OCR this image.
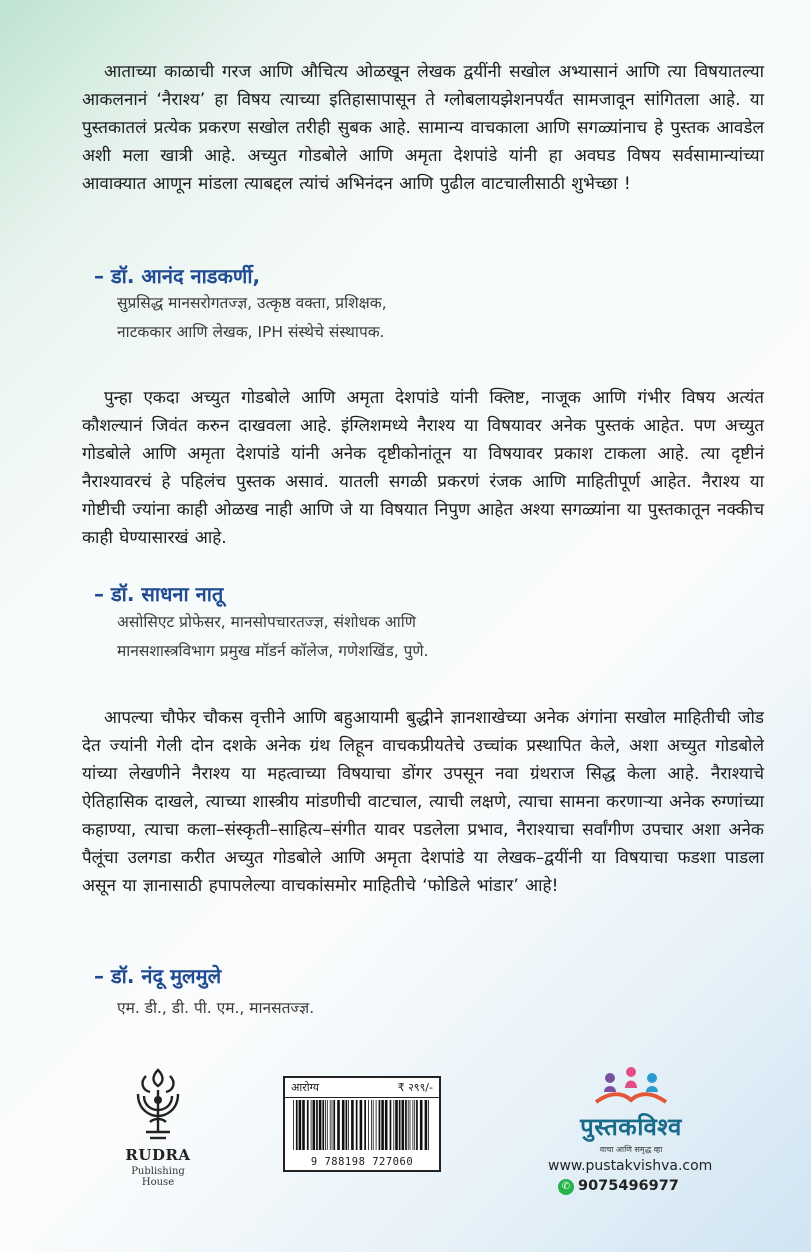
आताच्या काळाची गरज आणि औचित्य ओळखून लेखक द्वयींनी सखोल अभ्यासानं आणि त्या विषयातल्या आकलनानं ‘नैराश्य’ हा विषय त्याच्या इतिहासापासून ते ग्लोबलायझेशनपर्यंत सामजावून सांगितला आहे. या पुस्तकातलं प्रत्येक प्रकरण सखोल तरीही सुबक आहे. सामान्य वाचकाला आणि सगळ्यांनाच हे पुस्तक आवडेल अशी मला खात्री आहे. अच्युत गोडबोले आणि अमृता देशपांडे यांनी हा अवघड विषय सर्वसामान्यांच्या आवाक्यात आणून मांडला त्याबद्दल त्यांचं अभिनंदन आणि पुढील वाटचालीसाठी शुभेच्छा !

– डॉ. आनंद नाडकर्णी,

सुप्रसिद्ध मानसरोगतज्ज्ञ, उत्कृष्ठ वक्ता, प्रशिक्षक,
नाटककार आणि लेखक, IPH संस्थेचे संस्थापक.

पुन्हा एकदा अच्युत गोडबोले आणि अमृता देशपांडे यांनी क्लिष्ट, नाजूक आणि गंभीर विषय अत्यंत कौशल्यानं जिवंत करुन दाखवला आहे. इंग्लिशमध्ये नैराश्य या विषयावर अनेक पुस्तकं आहेत. पण अच्युत गोडबोले आणि अमृता देशपांडे यांनी अनेक दृष्टीकोनांतून या विषयावर प्रकाश टाकला आहे. त्या दृष्टीनं नैराश्यावरचं हे पहिलंच पुस्तक असावं. यातली सगळी प्रकरणं रंजक आणि माहितीपूर्ण आहेत. नैराश्य या गोष्टीची ज्यांना काही ओळख नाही आणि जे या विषयात निपुण आहेत अश्या सगळ्यांना या पुस्तकातून नक्कीच काही घेण्यासारखं आहे.

– डॉ. साधना नातू

असोसिएट प्रोफेसर, मानसोपचारतज्ज्ञ, संशोधक आणि
मानसशास्त्रविभाग प्रमुख मॉडर्न कॉलेज, गणेशखिंड, पुणे.

आपल्या चौफेर चौकस वृत्तीने आणि बहुआयामी बुद्धीने ज्ञानशाखेच्या अनेक अंगांना सखोल माहितीची जोड देत ज्यांनी गेली दोन दशके अनेक ग्रंथ लिहून वाचकप्रीयतेचे उच्चांक प्रस्थापित केले, अशा अच्युत गोडबोले यांच्या लेखणीने नैराश्य या महत्वाच्या विषयाचा डोंगर उपसून नवा ग्रंथराज सिद्ध केला आहे. नैराश्याचे ऐतिहासिक दाखले, त्याच्या शास्त्रीय मांडणीची वाटचाल, त्याची लक्षणे, त्याचा सामना करणाऱ्या अनेक रुग्णांच्या कहाण्या, त्याचा कला–संस्कृती–साहित्य–संगीत यावर पडलेला प्रभाव, नैराश्याचा सर्वांगीण उपचार अशा अनेक पैलूंचा उलगडा करीत अच्युत गोडबोले आणि अमृता देशपांडे या लेखक–द्वयींनी या विषयाचा फडशा पाडला असून या ज्ञानासाठी हपापलेल्या वाचकांसमोर माहितीचे ‘फोडिले भांडार’ आहे!

– डॉ. नंदू मुलमुले

एम. डी., डी. पी. एम., मानसतज्ज्ञ.

RUDRA
Publishing House
आरोग्य	₹ २९९/-
9 788198 727060
पुस्तकविश्व
वाचा आणि समृद्ध व्हा
www.pustakvishva.com
✆ 9075496977
